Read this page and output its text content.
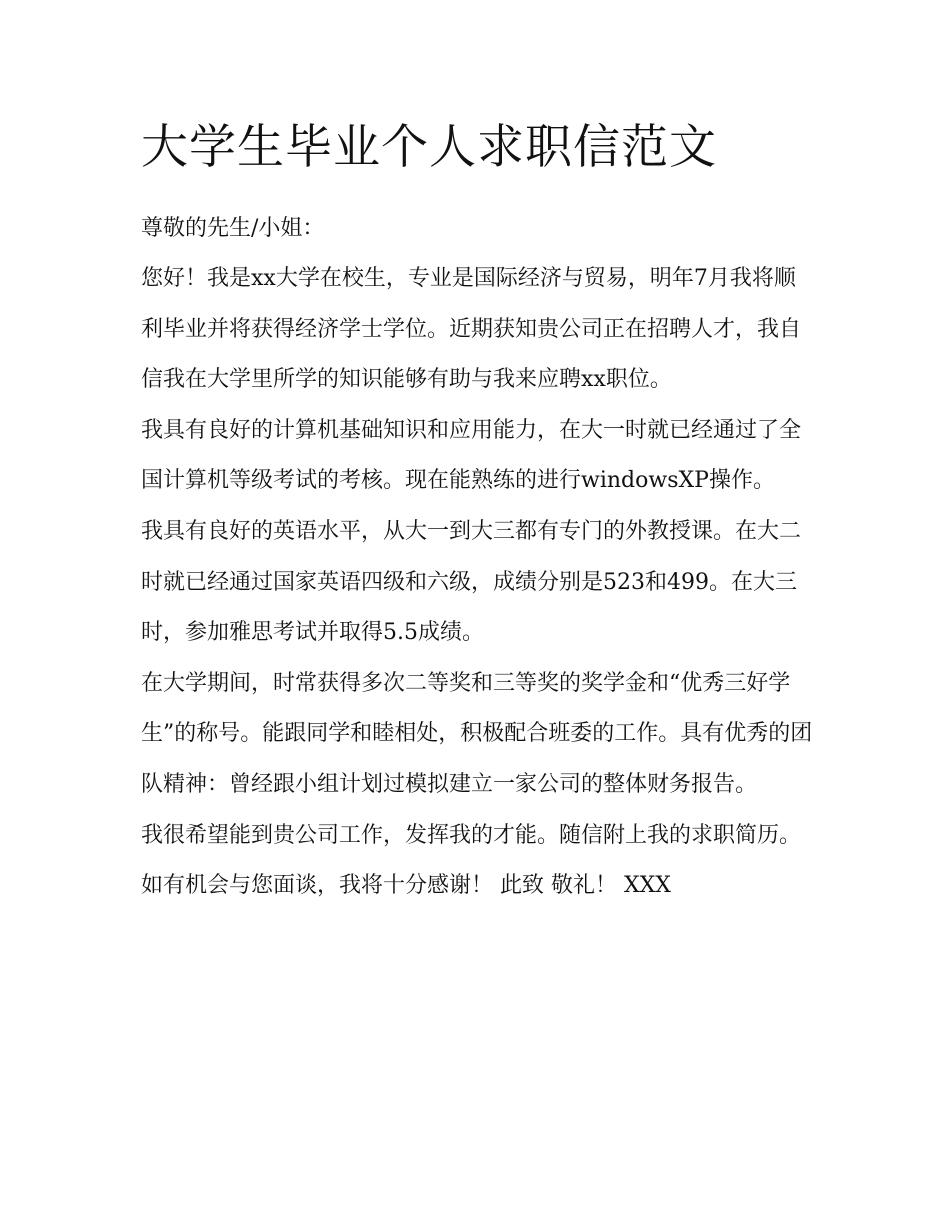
大学生毕业个人求职信范文

尊敬的先生/小姐：

您好！我是xx大学在校生，专业是国际经济与贸易，明年7月我将顺利毕业并将获得经济学士学位。近期获知贵公司正在招聘人才，我自信我在大学里所学的知识能够有助与我来应聘xx职位。

我具有良好的计算机基础知识和应用能力，在大一时就已经通过了全国计算机等级考试的考核。现在能熟练的进行windowsXP操作。

我具有良好的英语水平，从大一到大三都有专门的外教授课。在大二时就已经通过国家英语四级和六级，成绩分别是523和499。在大三时，参加雅思考试并取得5.5成绩。

在大学期间，时常获得多次二等奖和三等奖的奖学金和“优秀三好学生”的称号。能跟同学和睦相处，积极配合班委的工作。具有优秀的团队精神：曾经跟小组计划过模拟建立一家公司的整体财务报告。

我很希望能到贵公司工作，发挥我的才能。随信附上我的求职简历。如有机会与您面谈，我将十分感谢！ 此致 敬礼！ XXX
